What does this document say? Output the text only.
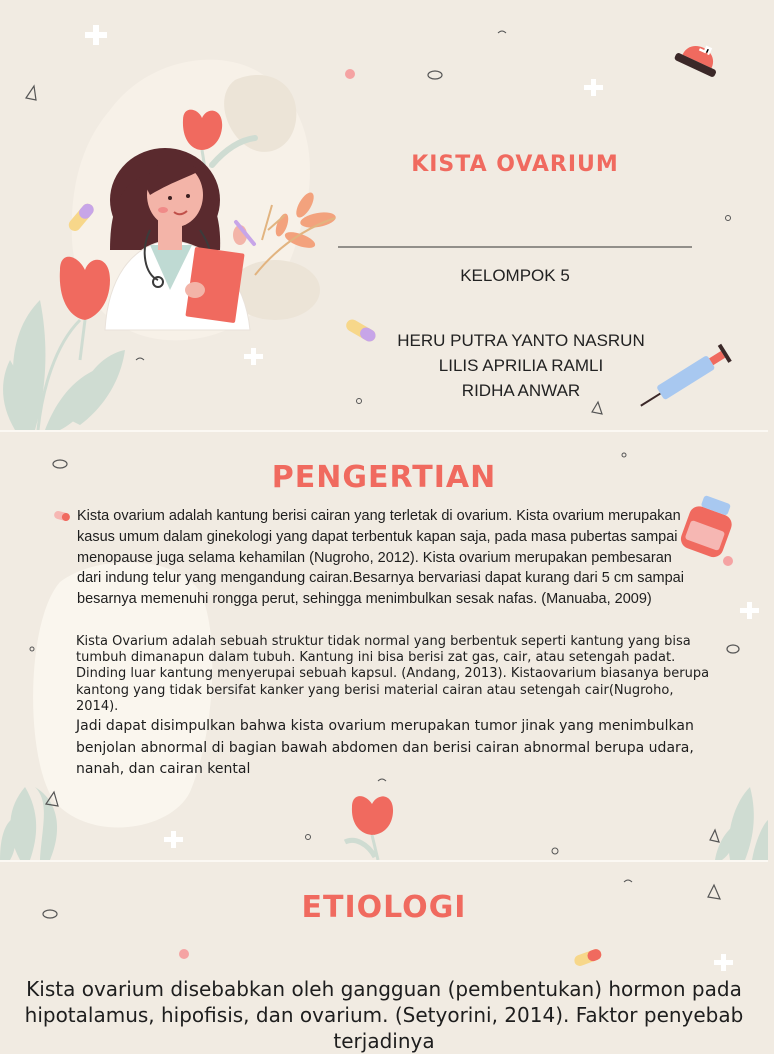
KISTA OVARIUM
KELOMPOK 5
HERU PUTRA YANTO NASRUN
LILIS APRILIA RAMLI
RIDHA ANWAR
PENGERTIAN

Kista ovarium adalah kantung berisi cairan yang terletak di ovarium. Kista ovarium merupakan kasus umum dalam ginekologi yang dapat terbentuk kapan saja, pada masa pubertas sampai menopause juga selama kehamilan (Nugroho, 2012). Kista ovarium merupakan pembesaran dari indung telur yang mengandung cairan.Besarnya bervariasi dapat kurang dari 5 cm sampai besarnya memenuhi rongga perut, sehingga menimbulkan sesak nafas. (Manuaba, 2009)

Kista Ovarium adalah sebuah struktur tidak normal yang berbentuk seperti kantung yang bisa tumbuh dimanapun dalam tubuh. Kantung ini bisa berisi zat gas, cair, atau setengah padat. Dinding luar kantung menyerupai sebuah kapsul. (Andang, 2013). Kistaovarium biasanya berupa kantong yang tidak bersifat kanker yang berisi material cairan atau setengah cair(Nugroho, 2014).

Jadi dapat disimpulkan bahwa kista ovarium merupakan tumor jinak yang menimbulkan benjolan abnormal di bagian bawah abdomen dan berisi cairan abnormal berupa udara, nanah, dan cairan kental

ETIOLOGI

Kista ovarium disebabkan oleh gangguan (pembentukan) hormon pada hipotalamus, hipofisis, dan ovarium. (Setyorini, 2014). Faktor penyebab terjadinya
